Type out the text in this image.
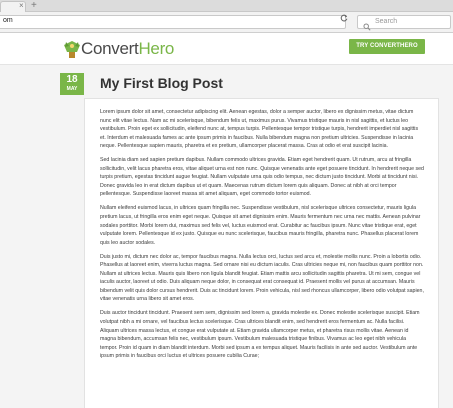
× +
om	Search
ConvertHero	TRY CONVERTHERO FREE
18
MAY	My First Blog Post

Lorem ipsum dolor sit amet, consectetur adipiscing elit. Aenean egestas, dolor a semper auctor, libero ex dignissim metus, vitae dictum nunc elit vitae lectus. Nam ac mi scelerisque, bibendum felis ut, maximus purus. Vivamus tristique mauris in nisl sagittis, et luctus leo vestibulum. Proin eget ex sollicitudin, eleifend nunc at, tempus turpis. Pellentesque tempor tristique turpis, hendrerit imperdiet nisl sagittis et. Interdum et malesuada fames ac ante ipsum primis in faucibus. Nulla bibendum magna non pretium ultricies. Suspendisse in lacinia neque. Pellentesque sapien mauris, pharetra et ex pretium, ullamcorper placerat massa. Cras at odio et erat suscipit lacinia.

Sed lacinia diam sed sapien pretium dapibus. Nullam commodo ultrices gravida. Etiam eget hendrerit quam. Ut rutrum, arcu at fringilla sollicitudin, velit lacus pharetra eros, vitae aliquet urna est non nunc. Quisque venenatis ante eget posuere tincidunt. In hendrerit neque sed turpis pretium, egestas tincidunt augue feugiat. Nullam vulputate urna quis odio tempus, nec dictum justo tincidunt. Morbi at tincidunt nisi. Donec gravida leo in erat dictum dapibus ut et quam. Maecenas rutrum dictum lorem quis aliquam. Donec at nibh at orci tempor pellentesque. Suspendisse laoreet massa sit amet aliquam, eget commodo tortor euismod.

Nullam eleifend euismod lacus, in ultrices quam fringilla nec. Suspendisse vestibulum, nisl scelerisque ultrices consectetur, mauris ligula pretium lacus, ut fringilla eros enim eget neque. Quisque sit amet dignissim enim. Mauris fermentum nec urna nec mattis. Aenean pulvinar sodales porttitor. Morbi lorem dui, maximus sed felis vel, luctus euismod erat. Curabitur ac faucibus ipsum. Nunc vitae tristique erat, eget vulputate lorem. Pellentesque id ex justo. Quisque eu nunc scelerisque, faucibus mauris fringilla, pharetra nunc. Phasellus placerat lorem quis leo auctor sodales.

Duis justo mi, dictum nec dolor ac, tempor faucibus magna. Nulla lectus orci, luctus sed arcu et, molestie mollis nunc. Proin a lobortis odio. Phasellus at laoreet enim, viverra luctus magna. Sed ornare nisi eu dictum iaculis. Cras ultricies neque mi, non faucibus quam porttitor non. Nullam at ultrices lectus. Mauris quis libero non ligula blandit feugiat. Etiam mattis arcu sollicitudin sagittis pharetra. Ut mi sem, congue vel iaculis auctor, laoreet ut odio. Duis aliquam neque dolor, in consequat erat consequat id. Praesent mollis vel purus at accumsan. Mauris bibendum velit quis dolor cursus hendrerit. Duis ac tincidunt lorem. Proin vehicula, nisl sed rhoncus ullamcorper, libero odio volutpat sapien, vitae venenatis urna libero sit amet eros.

Duis auctor tincidunt tincidunt. Praesent sem sem, dignissim sed lorem a, gravida molestie ex. Donec molestie scelerisque suscipit. Etiam volutpat nibh a mi ornare, vel faucibus lectus scelerisque. Cras ultrices blandit enim, sed hendrerit eros fermentum ac. Nulla facilisi. Aliquam ultrices massa lectus, et congue erat vulputate at. Etiam gravida ullamcorper metus, et pharetra risus mollis vitae. Aenean id magna bibendum, accumsan felis nec, vestibulum ipsum. Vestibulum malesuada tristique finibus. Vivamus ac leo eget nibh vehicula tempor. Proin id quam in diam blandit interdum. Morbi sed ipsum a ex tempus aliquet. Mauris facilisis in ante sed auctor. Vestibulum ante ipsum primis in faucibus orci luctus et ultrices posuere cubilia Curae;
